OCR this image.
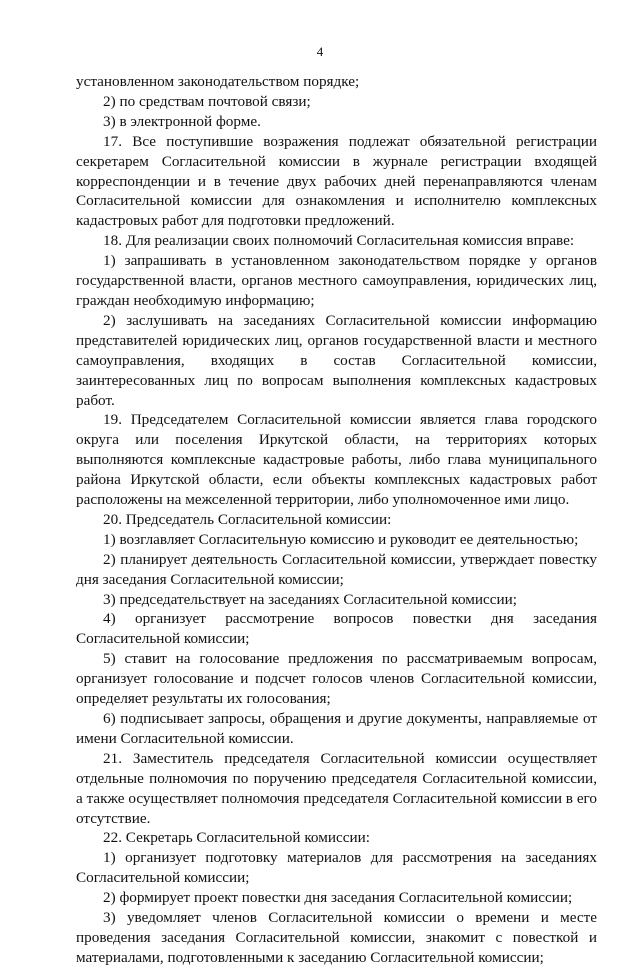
4

установленном законодательством порядке;

2) по средствам почтовой связи;

3) в электронной форме.

17. Все поступившие возражения подлежат обязательной регистрации секретарем Согласительной комиссии в журнале регистрации входящей корреспонденции и в течение двух рабочих дней перенаправляются членам Согласительной комиссии для ознакомления и исполнителю комплексных кадастровых работ для подготовки предложений.

18. Для реализации своих полномочий Согласительная комиссия вправе:

1) запрашивать в установленном законодательством порядке у органов государственной власти, органов местного самоуправления, юридических лиц, граждан необходимую информацию;

2) заслушивать на заседаниях Согласительной комиссии информацию представителей юридических лиц, органов государственной власти и местного самоуправления, входящих в состав Согласительной комиссии, заинтересованных лиц по вопросам выполнения комплексных кадастровых работ.

19. Председателем Согласительной комиссии является глава городского округа или поселения Иркутской области, на территориях которых выполняются комплексные кадастровые работы, либо глава муниципального района Иркутской области, если объекты комплексных кадастровых работ расположены на межселенной территории, либо уполномоченное ими лицо.

20. Председатель Согласительной комиссии:

1) возглавляет Согласительную комиссию и руководит ее деятельностью;

2) планирует деятельность Согласительной комиссии, утверждает повестку дня заседания Согласительной комиссии;

3) председательствует на заседаниях Согласительной комиссии;

4) организует рассмотрение вопросов повестки дня заседания Согласительной комиссии;

5) ставит на голосование предложения по рассматриваемым вопросам, организует голосование и подсчет голосов членов Согласительной комиссии, определяет результаты их голосования;

6) подписывает запросы, обращения и другие документы, направляемые от имени Согласительной комиссии.

21. Заместитель председателя Согласительной комиссии осуществляет отдельные полномочия по поручению председателя Согласительной комиссии, а также осуществляет полномочия председателя Согласительной комиссии в его отсутствие.

22. Секретарь Согласительной комиссии:

1) организует подготовку материалов для рассмотрения на заседаниях Согласительной комиссии;

2) формирует проект повестки дня заседания Согласительной комиссии;

3) уведомляет членов Согласительной комиссии о времени и месте проведения заседания Согласительной комиссии, знакомит с повесткой и материалами, подготовленными к заседанию Согласительной комиссии;
